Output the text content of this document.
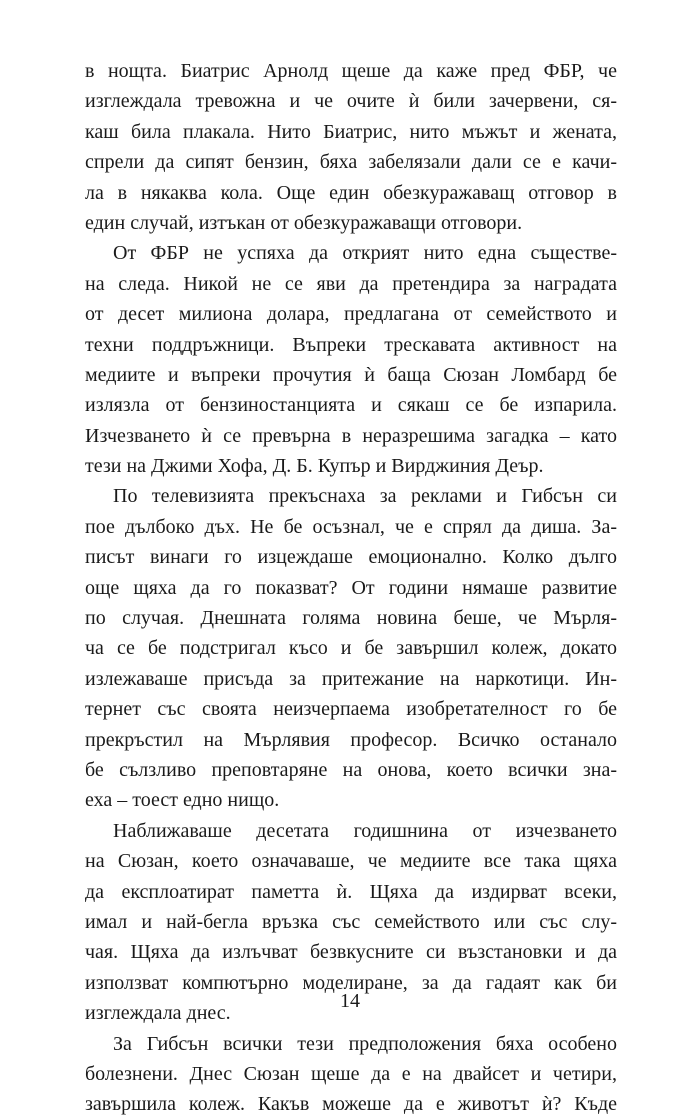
в нощта. Биатрис Арнолд щеше да каже пред ФБР, че
изглеждала тревожна и че очите ѝ били зачервени, ся-
каш била плакала. Нито Биатрис, нито мъжът и жената,
спрели да сипят бензин, бяха забелязали дали се е качи-
ла в някаква кола. Още един обезкуражаващ отговор в
един случай, изтъкан от обезкуражаващи отговори.
От ФБР не успяха да открият нито една съществе-
на следа. Никой не се яви да претендира за наградата
от десет милиона долара, предлагана от семейството и
техни поддръжници. Въпреки трескавата активност на
медиите и въпреки прочутия ѝ баща Сюзан Ломбард бе
излязла от бензиностанцията и сякаш се бе изпарила.
Изчезването ѝ се превърна в неразрешима загадка – като
тези на Джими Хофа, Д. Б. Купър и Вирджиния Деър.
По телевизията прекъснаха за реклами и Гибсън си
пое дълбоко дъх. Не бе осъзнал, че е спрял да диша. За-
писът винаги го изцеждаше емоционално. Колко дълго
още щяха да го показват? От години нямаше развитие
по случая. Днешната голяма новина беше, че Мърля-
ча се бе подстригал късо и бе завършил колеж, докато
излежаваше присъда за притежание на наркотици. Ин-
тернет със своята неизчерпаема изобретателност го бе
прекръстил на Мърлявия професор. Всичко останало
бе сълзливо преповтаряне на онова, което всички зна-
еха – тоест едно нищо.
Наближаваше десетата годишнина от изчезването
на Сюзан, което означаваше, че медиите все така щяха
да експлоатират паметта ѝ. Щяха да издирват всеки,
имал и най-бегла връзка със семейството или със слу-
чая. Щяха да излъчват безвкусните си възстановки и да
използват компютърно моделиране, за да гадаят как би
изглеждала днес.
За Гибсън всички тези предположения бяха особено
болезнени. Днес Сюзан щеше да е на двайсет и четири,
завършила колеж. Какъв можеше да е животът ѝ? Къде
14
